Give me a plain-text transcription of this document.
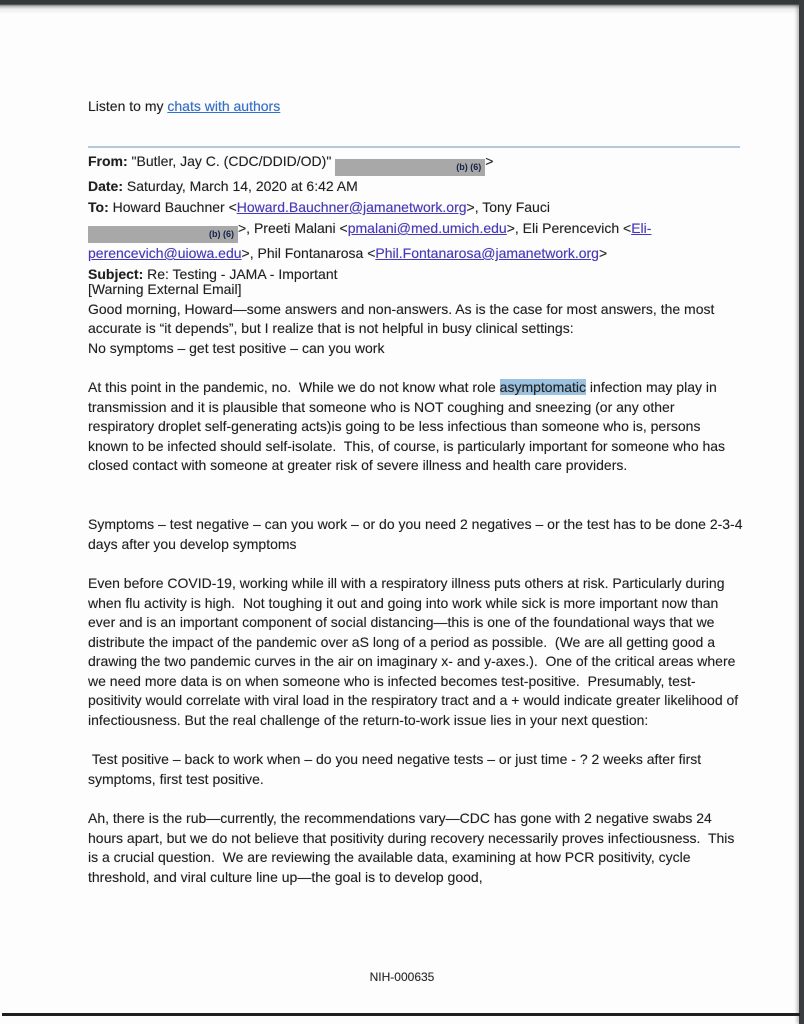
Listen to my chats with authors
From: "Butler, Jay C. (CDC/DDID/OD)"	(b) (6) >
Date: Saturday, March 14, 2020 at 6:42 AM
To: Howard Bauchner <Howard.Bauchner@jamanetwork.org>, Tony Fauci
(b) (6) >, Preeti Malani <pmalani@med.umich.edu>, Eli Perencevich <Eli-
perencevich@uiowa.edu>, Phil Fontanarosa <Phil.Fontanarosa@jamanetwork.org>
Subject: Re: Testing - JAMA - Important
[Warning External Email]
Good morning, Howard—some answers and non-answers. As is the case for most answers, the most accurate is “it depends”, but I realize that is not helpful in busy clinical settings:
No symptoms – get test positive – can you work
At this point in the pandemic, no.  While we do not know what role asymptomatic infection may play in transmission and it is plausible that someone who is NOT coughing and sneezing (or any other respiratory droplet self-generating acts)is going to be less infectious than someone who is, persons known to be infected should self-isolate.  This, of course, is particularly important for someone who has closed contact with someone at greater risk of severe illness and health care providers.
Symptoms – test negative – can you work – or do you need 2 negatives – or the test has to be done 2-3-4 days after you develop symptoms
Even before COVID-19, working while ill with a respiratory illness puts others at risk. Particularly during when flu activity is high.  Not toughing it out and going into work while sick is more important now than ever and is an important component of social distancing—this is one of the foundational ways that we distribute the impact of the pandemic over aS long of a period as possible.  (We are all getting good a drawing the two pandemic curves in the air on imaginary x- and y-axes.).  One of the critical areas where we need more data is on when someone who is infected becomes test-positive.  Presumably, test-positivity would correlate with viral load in the respiratory tract and a + would indicate greater likelihood of infectiousness. But the real challenge of the return-to-work issue lies in your next question:
Test positive – back to work when – do you need negative tests – or just time - ? 2 weeks after first symptoms, first test positive.
Ah, there is the rub—currently, the recommendations vary—CDC has gone with 2 negative swabs 24 hours apart, but we do not believe that positivity during recovery necessarily proves infectiousness.  This is a crucial question.  We are reviewing the available data, examining at how PCR positivity, cycle threshold, and viral culture line up—the goal is to develop good,
NIH-000635
